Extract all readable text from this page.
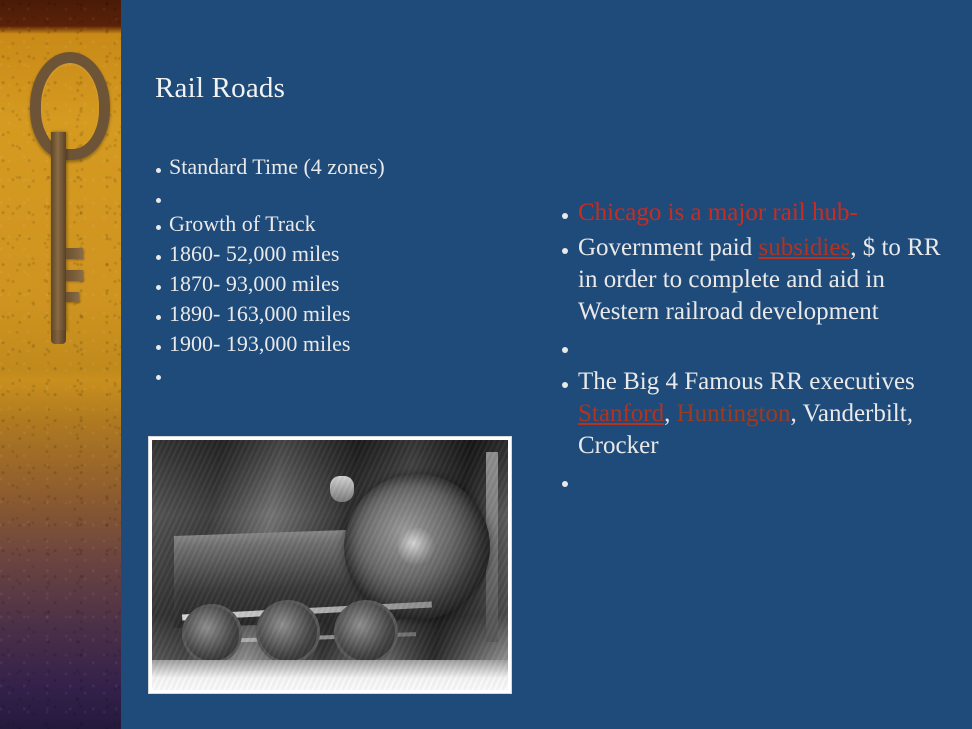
Rail Roads
Standard Time (4 zones)
Growth of Track
1860- 52,000 miles
1870- 93,000 miles
1890- 163,000 miles
1900- 193,000 miles
Chicago is a major rail hub-
Government paid subsidies, $ to RR in order to complete and aid in Western railroad development
The Big 4 Famous RR executives Stanford, Huntington, Vanderbilt, Crocker
